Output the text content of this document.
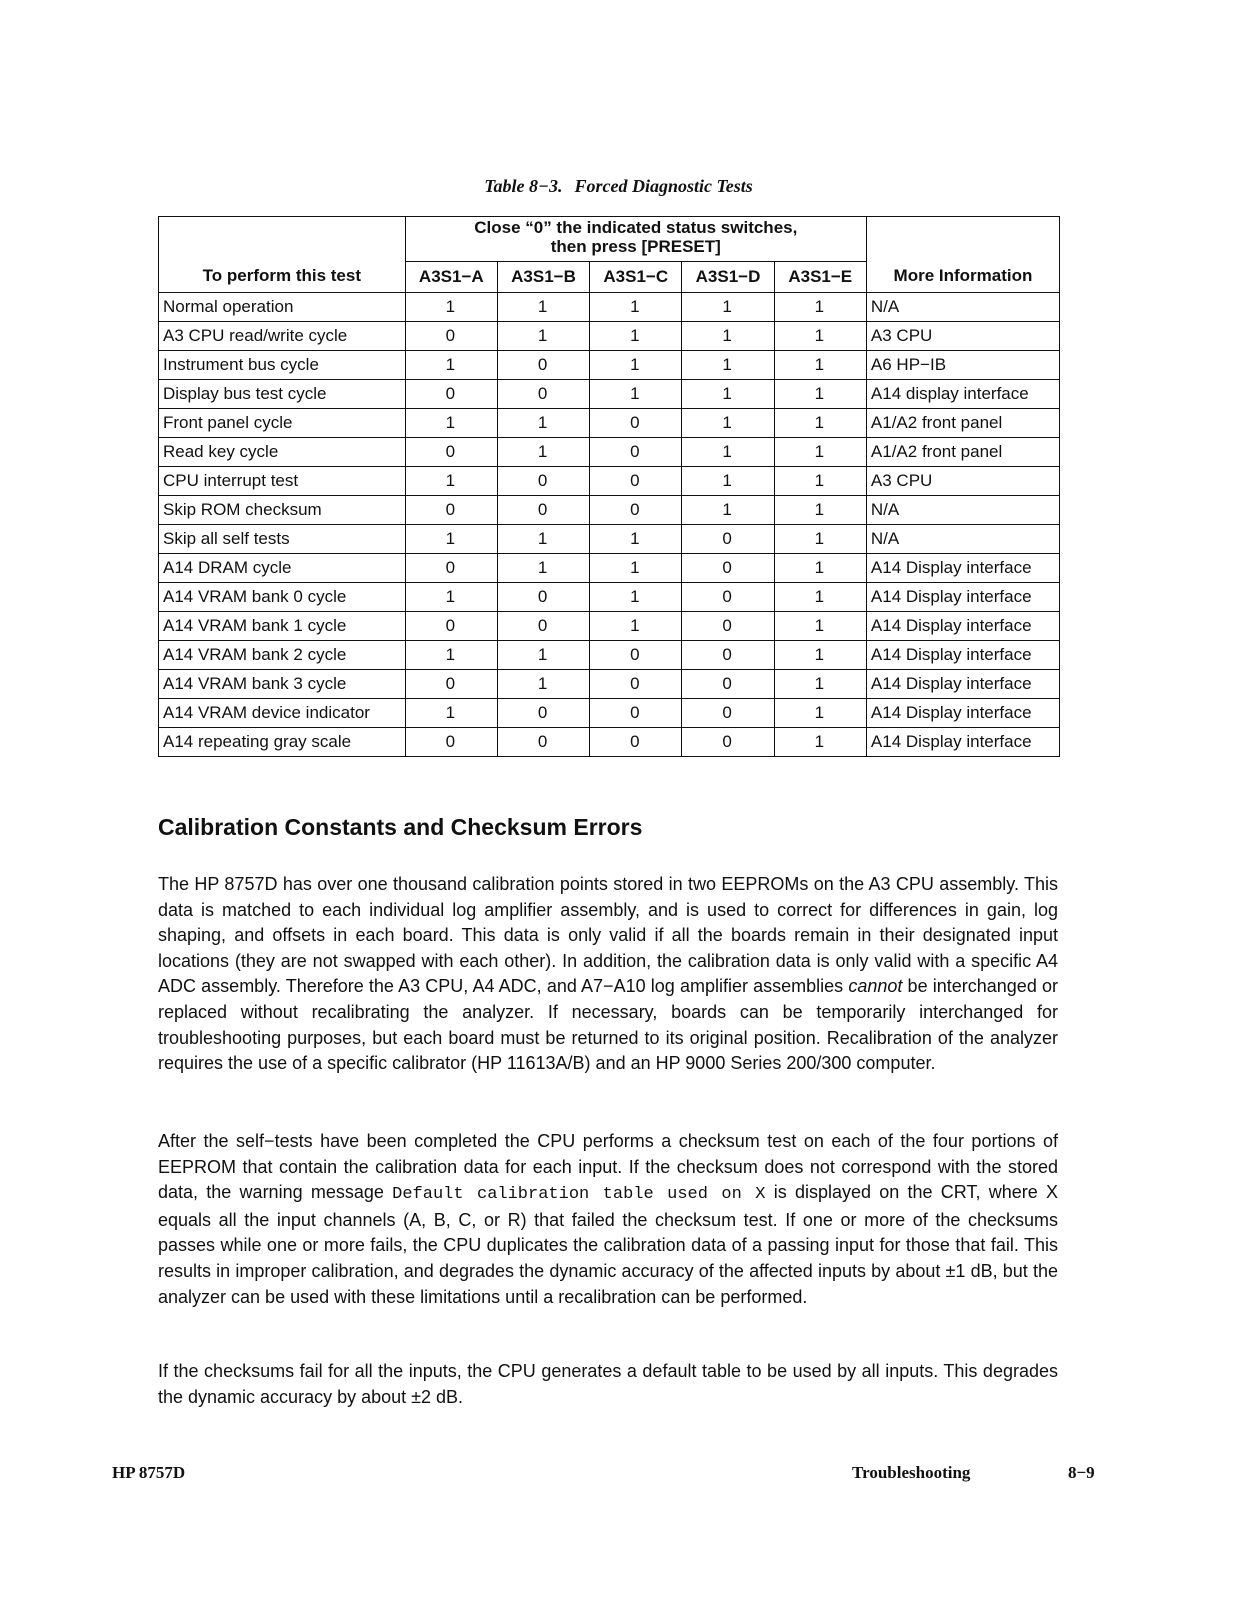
Table 8−3. Forced Diagnostic Tests
	Close “0” the indicated status switches,
then press [PRESET]					
To perform this test	A3S1−A	A3S1−B	A3S1−C	A3S1−D	A3S1−E	More Information
Normal operation	1	1	1	1	1	N/A
A3 CPU read/write cycle	0	1	1	1	1	A3 CPU
Instrument bus cycle	1	0	1	1	1	A6 HP−IB
Display bus test cycle	0	0	1	1	1	A14 display interface
Front panel cycle	1	1	0	1	1	A1/A2 front panel
Read key cycle	0	1	0	1	1	A1/A2 front panel
CPU interrupt test	1	0	0	1	1	A3 CPU
Skip ROM checksum	0	0	0	1	1	N/A
Skip all self tests	1	1	1	0	1	N/A
A14 DRAM cycle	0	1	1	0	1	A14 Display interface
A14 VRAM bank 0 cycle	1	0	1	0	1	A14 Display interface
A14 VRAM bank 1 cycle	0	0	1	0	1	A14 Display interface
A14 VRAM bank 2 cycle	1	1	0	0	1	A14 Display interface
A14 VRAM bank 3 cycle	0	1	0	0	1	A14 Display interface
A14 VRAM device indicator	1	0	0	0	1	A14 Display interface
A14 repeating gray scale	0	0	0	0	1	A14 Display interface
Calibration Constants and Checksum Errors

The HP 8757D has over one thousand calibration points stored in two EEPROMs on the A3 CPU assembly. This data is matched to each individual log amplifier assembly, and is used to correct for differences in gain, log shaping, and offsets in each board. This data is only valid if all the boards remain in their designated input locations (they are not swapped with each other). In addition, the calibration data is only valid with a specific A4 ADC assembly. Therefore the A3 CPU, A4 ADC, and A7−A10 log amplifier assemblies cannot be interchanged or replaced without recalibrating the analyzer. If necessary, boards can be temporarily interchanged for troubleshooting purposes, but each board must be returned to its original position. Recalibration of the analyzer requires the use of a specific calibrator (HP 11613A/B) and an HP 9000 Series 200/300 computer.

After the self−tests have been completed the CPU performs a checksum test on each of the four portions of EEPROM that contain the calibration data for each input. If the checksum does not correspond with the stored data, the warning message Default calibration table used on X is displayed on the CRT, where X equals all the input channels (A, B, C, or R) that failed the checksum test. If one or more of the checksums passes while one or more fails, the CPU duplicates the calibration data of a passing input for those that fail. This results in improper calibration, and degrades the dynamic accuracy of the affected inputs by about ±1 dB, but the analyzer can be used with these limitations until a recalibration can be performed.

If the checksums fail for all the inputs, the CPU generates a default table to be used by all inputs. This degrades the dynamic accuracy by about ±2 dB.

HP 8757D	Troubleshooting	8−9
